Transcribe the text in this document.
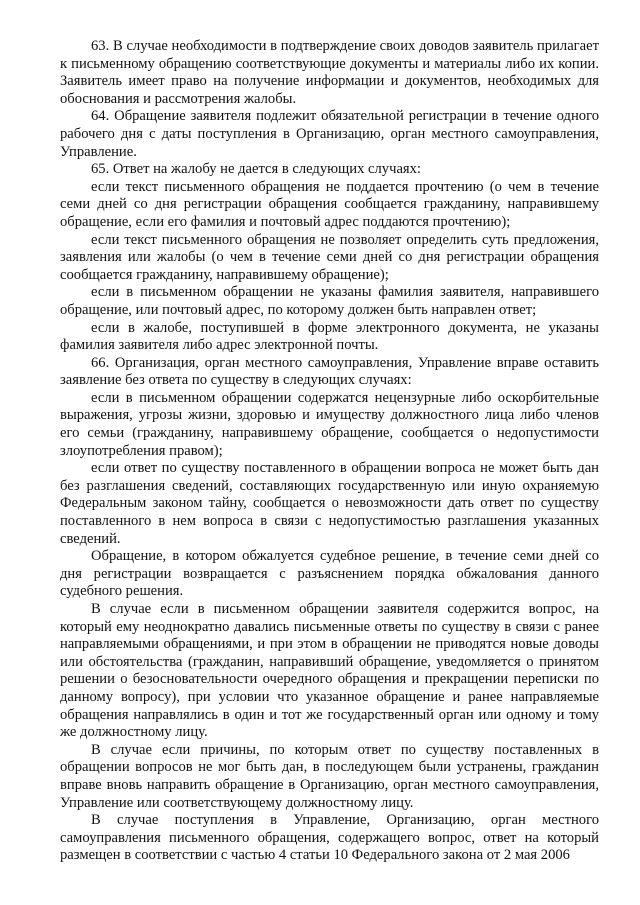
63. В случае необходимости в подтверждение своих доводов заявитель прилагает к письменному обращению соответствующие документы и материалы либо их копии. Заявитель имеет право на получение информации и документов, необходимых для обоснования и рассмотрения жалобы.

64. Обращение заявителя подлежит обязательной регистрации в течение одного рабочего дня с даты поступления в Организацию, орган местного самоуправления, Управление.

65. Ответ на жалобу не дается в следующих случаях:

если текст письменного обращения не поддается прочтению (о чем в течение семи дней со дня регистрации обращения сообщается гражданину, направившему обращение, если его фамилия и почтовый адрес поддаются прочтению);

если текст письменного обращения не позволяет определить суть предложения, заявления или жалобы (о чем в течение семи дней со дня регистрации обращения сообщается гражданину, направившему обращение);

если в письменном обращении не указаны фамилия заявителя, направившего обращение, или почтовый адрес, по которому должен быть направлен ответ;

если в жалобе, поступившей в форме электронного документа, не указаны фамилия заявителя либо адрес электронной почты.

66. Организация, орган местного самоуправления, Управление вправе оставить заявление без ответа по существу в следующих случаях:

если в письменном обращении содержатся нецензурные либо оскорбительные выражения, угрозы жизни, здоровью и имуществу должностного лица либо членов его семьи (гражданину, направившему обращение, сообщается о недопустимости злоупотребления правом);

если ответ по существу поставленного в обращении вопроса не может быть дан без разглашения сведений, составляющих государственную или иную охраняемую Федеральным законом тайну, сообщается о невозможности дать ответ по существу поставленного в нем вопроса в связи с недопустимостью разглашения указанных сведений.

Обращение, в котором обжалуется судебное решение, в течение семи дней со дня регистрации возвращается с разъяснением порядка обжалования данного судебного решения.

В случае если в письменном обращении заявителя содержится вопрос, на который ему неоднократно давались письменные ответы по существу в связи с ранее направляемыми обращениями, и при этом в обращении не приводятся новые доводы или обстоятельства (гражданин, направивший обращение, уведомляется о принятом решении о безосновательности очередного обращения и прекращении переписки по данному вопросу), при условии что указанное обращение и ранее направляемые обращения направлялись в один и тот же государственный орган или одному и тому же должностному лицу.

В случае если причины, по которым ответ по существу поставленных в обращении вопросов не мог быть дан, в последующем были устранены, гражданин вправе вновь направить обращение в Организацию, орган местного самоуправления, Управление или соответствующему должностному лицу.

В случае поступления в Управление, Организацию, орган местного самоуправления письменного обращения, содержащего вопрос, ответ на который размещен в соответствии с частью 4 статьи 10 Федерального закона от 2 мая 2006
